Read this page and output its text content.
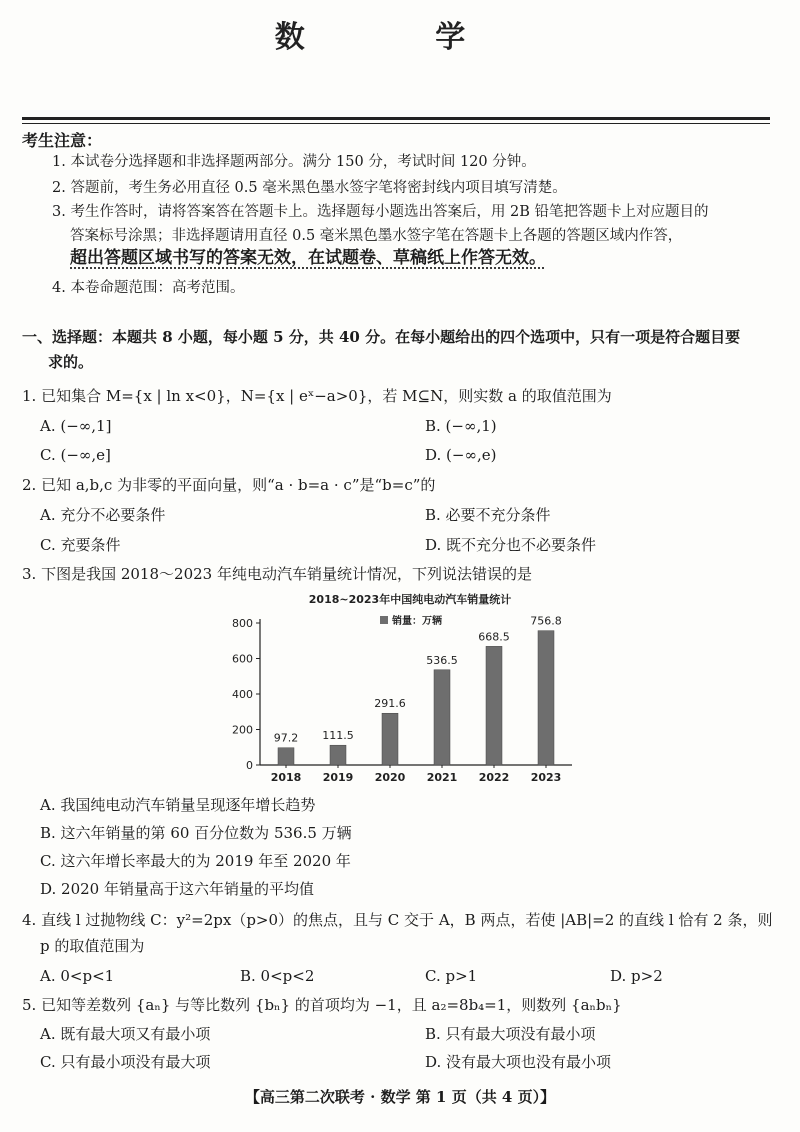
数 学
考生注意：
1. 本试卷分选择题和非选择题两部分。满分 150 分，考试时间 120 分钟。
2. 答题前，考生务必用直径 0.5 毫米黑色墨水签字笔将密封线内项目填写清楚。
3. 考生作答时，请将答案答在答题卡上。选择题每小题选出答案后，用 2B 铅笔把答题卡上对应题目的
答案标号涂黑；非选择题请用直径 0.5 毫米黑色墨水签字笔在答题卡上各题的答题区域内作答，
超出答题区域书写的答案无效，在试题卷、草稿纸上作答无效。
4. 本卷命题范围：高考范围。
一、选择题：本题共 8 小题，每小题 5 分，共 40 分。在每小题给出的四个选项中，只有一项是符合题目要
求的。
1. 已知集合 M={x | ln x<0}，N={x | eˣ−a>0}，若 M⊆N，则实数 a 的取值范围为
A. (−∞,1]	B. (−∞,1)
C. (−∞,e]	D. (−∞,e)
2. 已知 a,b,c 为非零的平面向量，则“a · b=a · c”是“b=c”的
A. 充分不必要条件	B. 必要不充分条件
C. 充要条件	D. 既不充分也不必要条件
3. 下图是我国 2018～2023 年纯电动汽车销量统计情况，下列说法错误的是
2018~2023年中国纯电动汽车销量统计
销量：万辆
0
200
400
600
800
97.2
2018
111.5
2019
291.6
2020
536.5
2021
668.5
2022
756.8
2023
A. 我国纯电动汽车销量呈现逐年增长趋势
B. 这六年销量的第 60 百分位数为 536.5 万辆
C. 这六年增长率最大的为 2019 年至 2020 年
D. 2020 年销量高于这六年销量的平均值
4. 直线 l 过抛物线 C：y²=2px（p>0）的焦点，且与 C 交于 A，B 两点，若使 |AB|=2 的直线 l 恰有 2 条，则
p 的取值范围为
A. 0<p<1	B. 0<p<2	C. p>1	D. p>2
5. 已知等差数列 {aₙ} 与等比数列 {bₙ} 的首项均为 −1，且 a₂=8b₄=1，则数列 {aₙbₙ}
A. 既有最大项又有最小项	B. 只有最大项没有最小项
C. 只有最小项没有最大项	D. 没有最大项也没有最小项
【高三第二次联考 · 数学 第 1 页（共 4 页）】
